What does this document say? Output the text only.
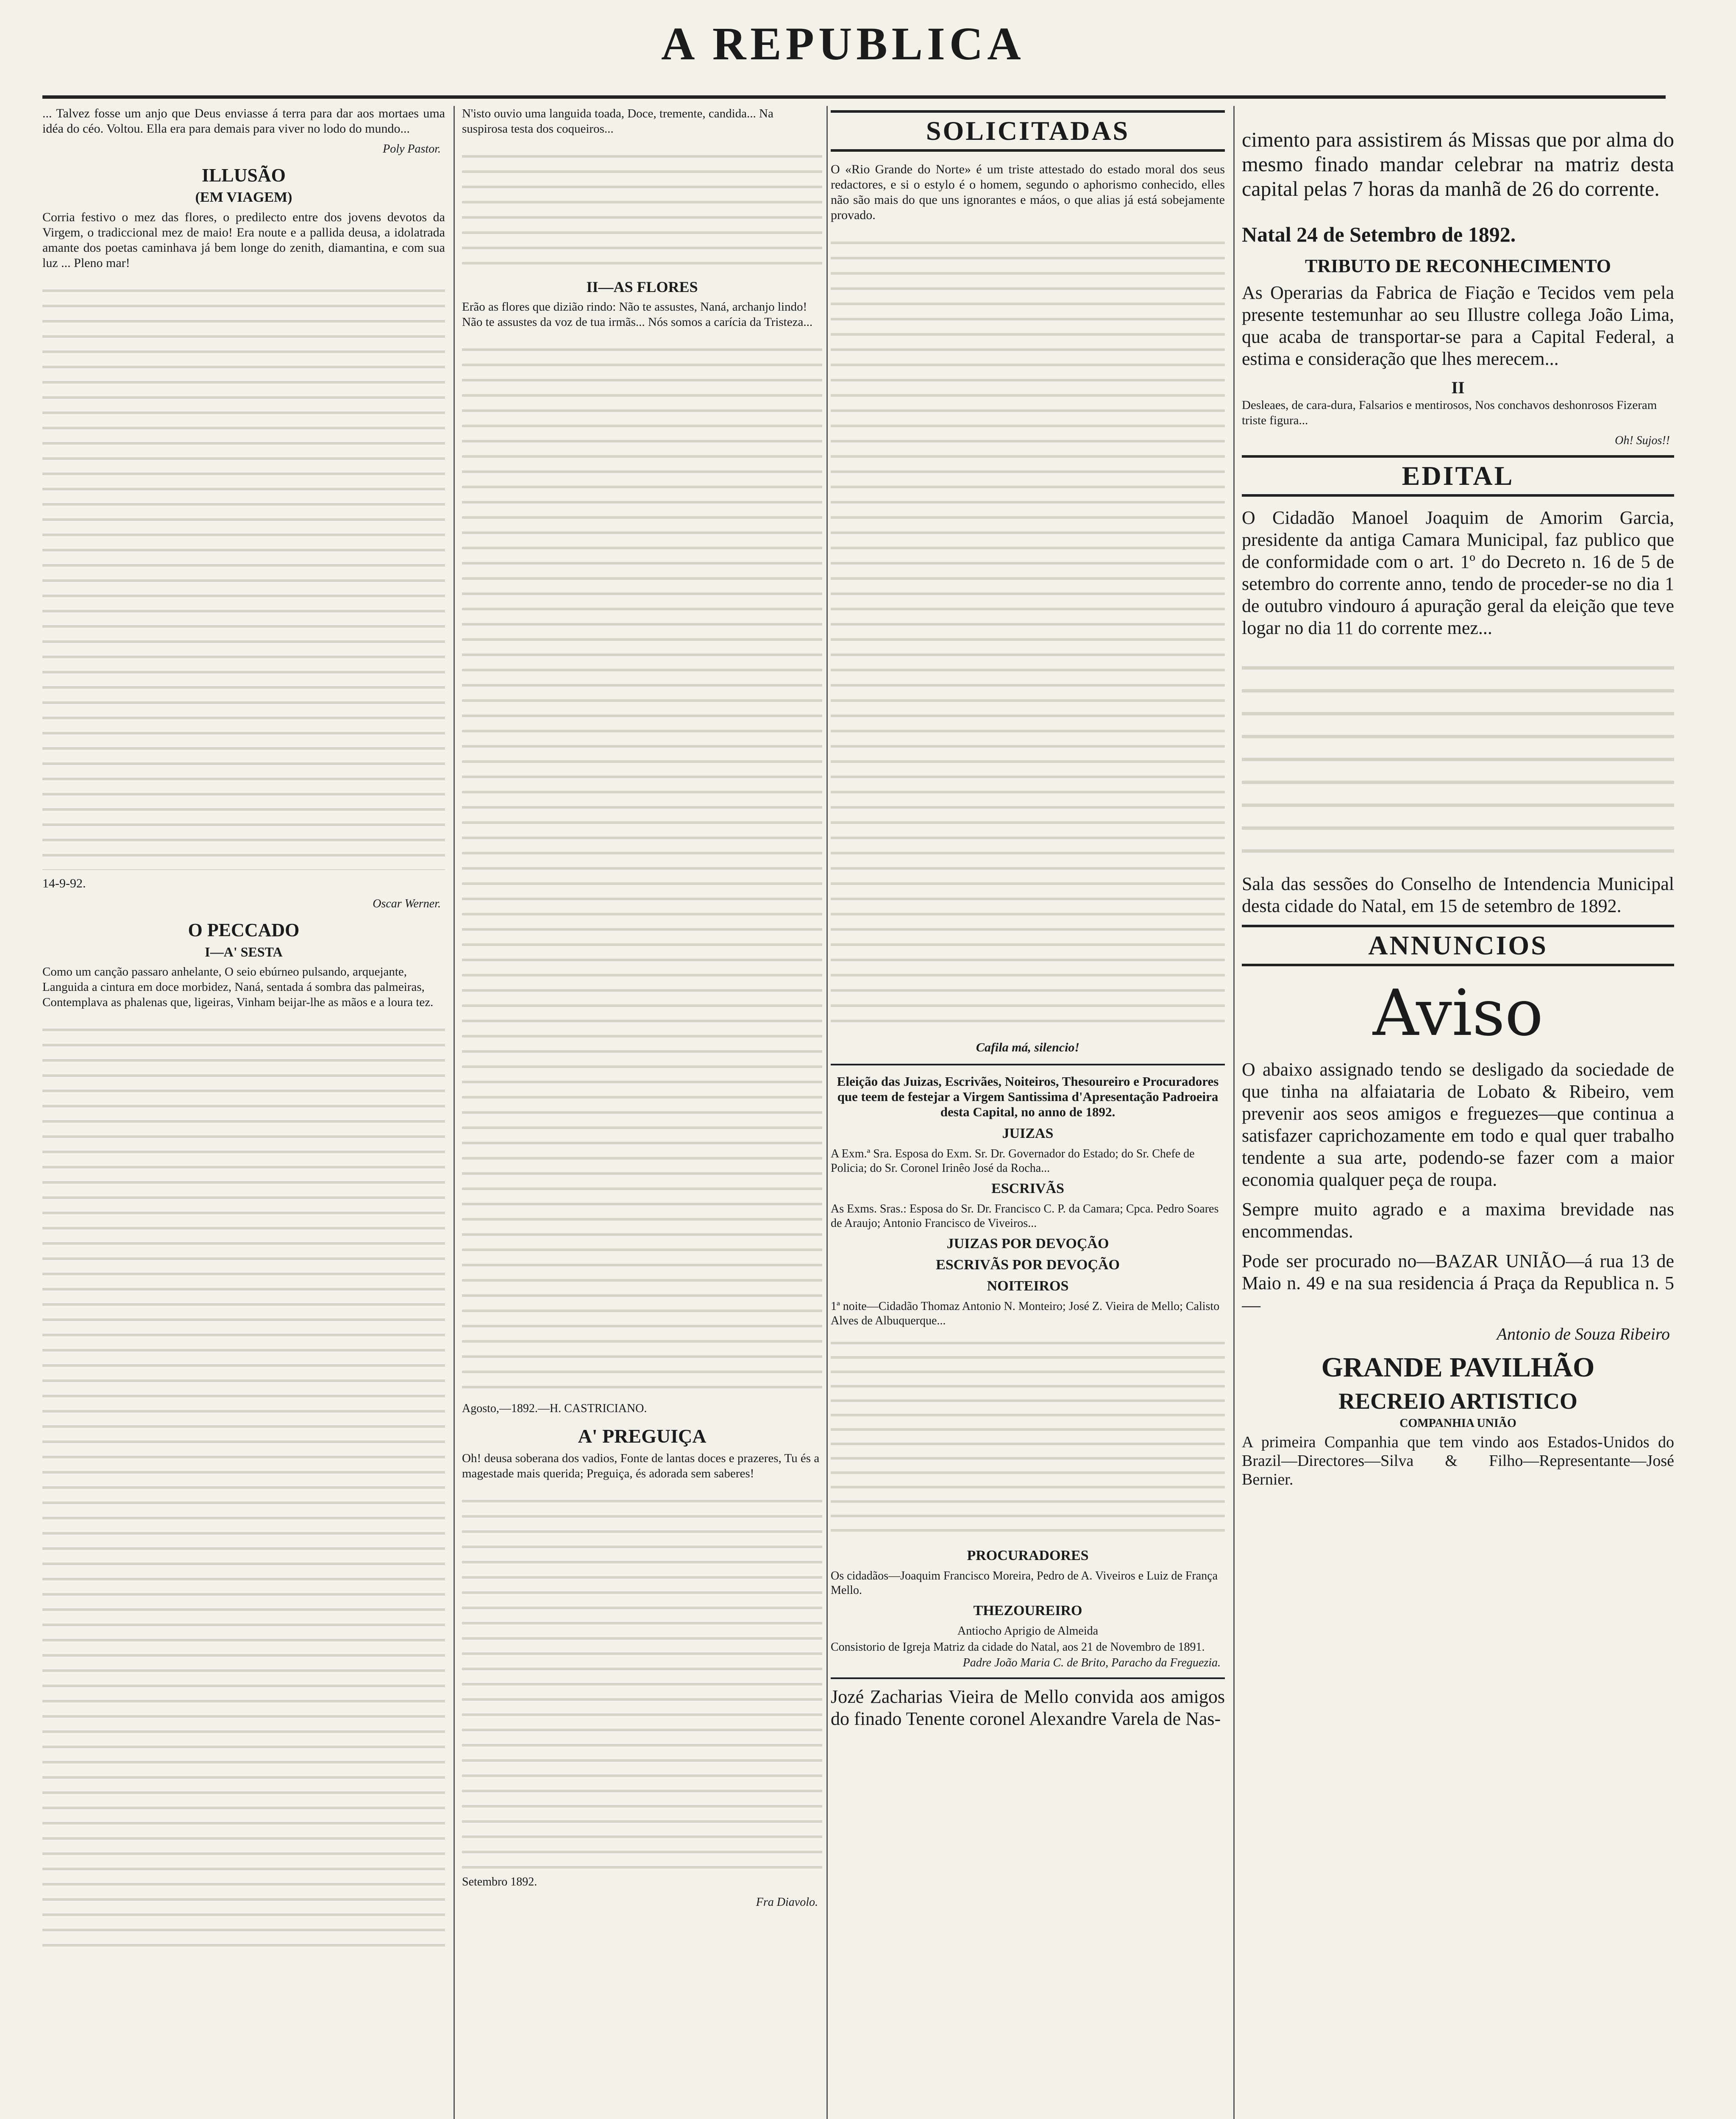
A REPUBLICA

... Talvez fosse um anjo que Deus enviasse á terra para dar aos mortaes uma idéa do céo. Voltou. Ella era para demais para viver no lodo do mundo...

Poly Pastor.
ILLUSÃO
(EM VIAGEM)

Corria festivo o mez das flores, o predilecto entre dos jovens devotos da Virgem, o tradiccional mez de maio! Era noute e a pallida deusa, a idolatrada amante dos poetas caminhava já bem longe do zenith, diamantina, e com sua luz ... Pleno mar!

14-9-92.
Oscar Werner.
O PECCADO
I—A' SESTA

Como um canção passaro anhelante, O seio ebúrneo pulsando, arquejante, Languida a cintura em doce morbidez, Naná, sentada á sombra das palmeiras, Contemplava as phalenas que, ligeiras, Vinham beijar-lhe as mãos e a loura tez.

N'isto ouvio uma languida toada, Doce, tremente, candida... Na suspirosa testa dos coqueiros...

II—AS FLORES

Erão as flores que dizião rindo: Não te assustes, Naná, archanjo lindo! Não te assustes da voz de tua irmãs... Nós somos a carícia da Tristeza...

Agosto,—1892.—H. CASTRICIANO.
A' PREGUIÇA

Oh! deusa soberana dos vadios, Fonte de lantas doces e prazeres, Tu és a magestade mais querida; Preguiça, és adorada sem saberes!

Setembro 1892.
Fra Diavolo.
SOLICITADAS

O «Rio Grande do Norte» é um triste attestado do estado moral dos seus redactores, e si o estylo é o homem, segundo o aphorismo conhecido, elles não são mais do que uns ignorantes e máos, o que alias já está sobejamente provado.

Cafila má, silencio!
Eleição das Juizas, Escrivães, Noiteiros, Thesoureiro e Procuradores que teem de festejar a Virgem Santissima d'Apresentação Padroeira desta Capital, no anno de 1892.
JUIZAS

A Exm.ª Sra. Esposa do Exm. Sr. Dr. Governador do Estado; do Sr. Chefe de Policia; do Sr. Coronel Irinêo José da Rocha...

ESCRIVÃS

As Exms. Sras.: Esposa do Sr. Dr. Francisco C. P. da Camara; Cpca. Pedro Soares de Araujo; Antonio Francisco de Viveiros...

JUIZAS POR DEVOÇÃO
ESCRIVÃS POR DEVOÇÃO
NOITEIROS

1ª noite—Cidadão Thomaz Antonio N. Monteiro; José Z. Vieira de Mello; Calisto Alves de Albuquerque...

PROCURADORES

Os cidadãos—Joaquim Francisco Moreira, Pedro de A. Viveiros e Luiz de França Mello.

THEZOUREIRO

Antiocho Aprigio de Almeida

Consistorio de Igreja Matriz da cidade do Natal, aos 21 de Novembro de 1891.

Padre João Maria C. de Brito, Paracho da Freguezia.

Jozé Zacharias Vieira de Mello convida aos amigos do finado Tenente coronel Alexandre Varela de Nas-

cimento para assistirem ás Missas que por alma do mesmo finado mandar celebrar na matriz desta capital pelas 7 horas da manhã de 26 do corrente.

Natal 24 de Setembro de 1892.
TRIBUTO DE RECONHECIMENTO

As Operarias da Fabrica de Fiação e Tecidos vem pela presente testemunhar ao seu Illustre collega João Lima, que acaba de transportar-se para a Capital Federal, a estima e consideração que lhes merecem...

II

Desleaes, de cara-dura, Falsarios e mentirosos, Nos conchavos deshonrosos Fizeram triste figura...

Oh! Sujos!!
EDITAL

O Cidadão Manoel Joaquim de Amorim Garcia, presidente da antiga Camara Municipal, faz publico que de conformidade com o art. 1º do Decreto n. 16 de 5 de setembro do corrente anno, tendo de proceder-se no dia 1 de outubro vindouro á apuração geral da eleição que teve logar no dia 11 do corrente mez...

Sala das sessões do Conselho de Intendencia Municipal desta cidade do Natal, em 15 de setembro de 1892.

ANNUNCIOS
Aviso

O abaixo assignado tendo se desligado da sociedade de que tinha na alfaiataria de Lobato & Ribeiro, vem prevenir aos seos amigos e freguezes—que continua a satisfazer caprichozamente em todo e qual quer trabalho tendente a sua arte, podendo-se fazer com a maior economia qualquer peça de roupa.

Sempre muito agrado e a maxima brevidade nas encommendas.

Pode ser procurado no—BAZAR UNIÃO—á rua 13 de Maio n. 49 e na sua residencia á Praça da Republica n. 5—

Antonio de Souza Ribeiro
GRANDE PAVILHÃO
RECREIO ARTISTICO
COMPANHIA UNIÃO

A primeira Companhia que tem vindo aos Estados-Unidos do Brazil—Directores—Silva & Filho—Representante—José Bernier.
